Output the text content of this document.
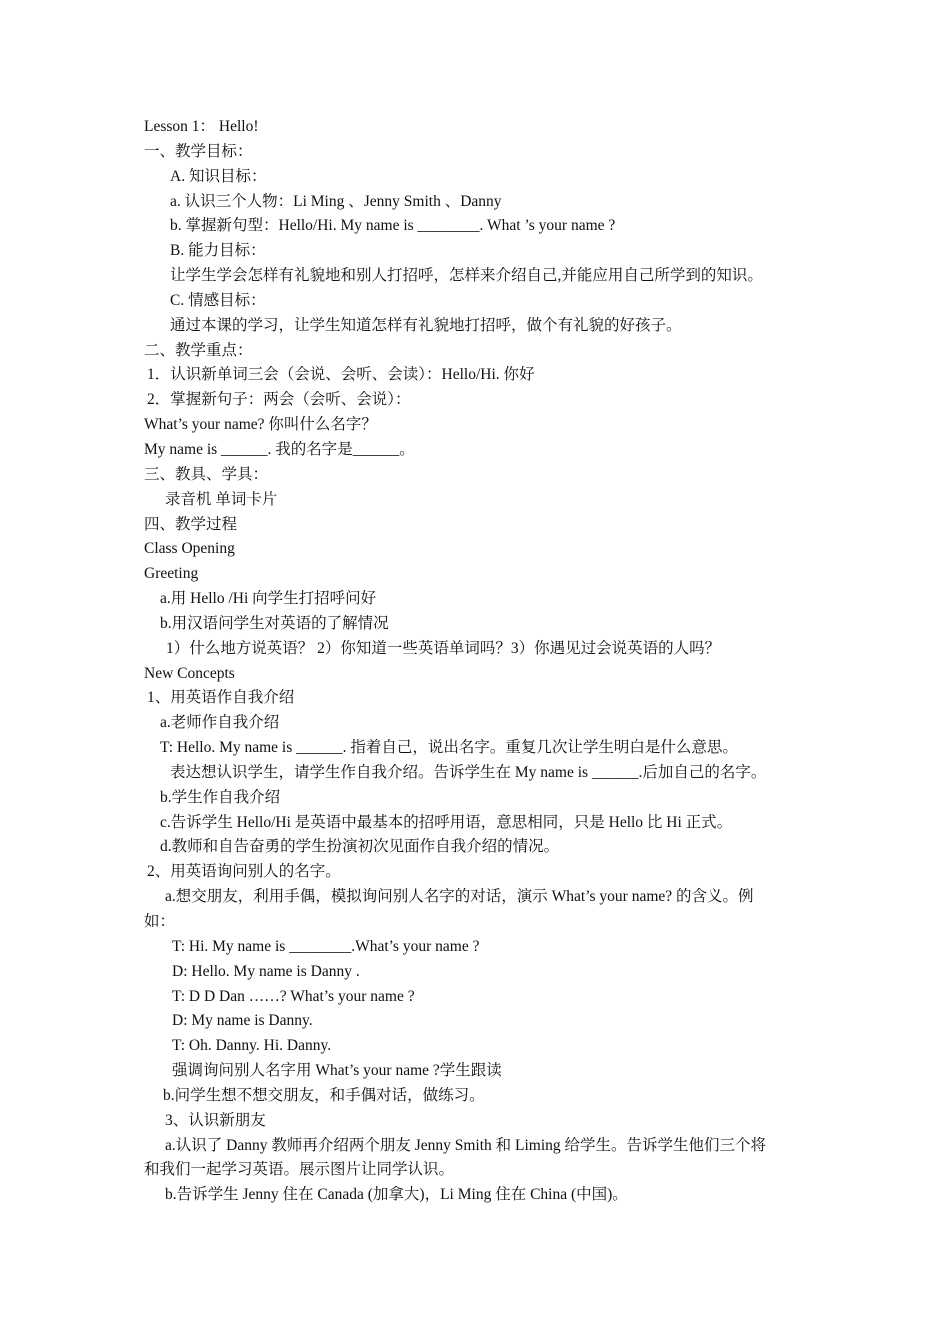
Lesson 1： Hello!
一、教学目标：
A. 知识目标：
a. 认识三个人物：Li Ming 、Jenny Smith 、Danny
b. 掌握新句型：Hello/Hi. My name is ________. What ’s your name ?
B. 能力目标：
让学生学会怎样有礼貌地和别人打招呼，怎样来介绍自己,并能应用自己所学到的知识。
C. 情感目标：
通过本课的学习，让学生知道怎样有礼貌地打招呼，做个有礼貌的好孩子。
二、教学重点：
1．认识新单词三会（会说、会听、会读）：Hello/Hi. 你好
2．掌握新句子：两会（会听、会说）：
What’s your name? 你叫什么名字？
My name is ______. 我的名字是______。
三、教具、学具：
录音机 单词卡片
四、教学过程
Class Opening
Greeting
a.用 Hello /Hi 向学生打招呼问好
b.用汉语问学生对英语的了解情况
1）什么地方说英语？ 2）你知道一些英语单词吗？3）你遇见过会说英语的人吗？
New Concepts
1、用英语作自我介绍
a.老师作自我介绍
T: Hello. My name is ______. 指着自己，说出名字。重复几次让学生明白是什么意思。
表达想认识学生，请学生作自我介绍。告诉学生在 My name is ______.后加自己的名字。
b.学生作自我介绍
c.告诉学生 Hello/Hi 是英语中最基本的招呼用语，意思相同，只是 Hello 比 Hi 正式。
d.教师和自告奋勇的学生扮演初次见面作自我介绍的情况。
2、用英语询问别人的名字。
a.想交朋友，利用手偶，模拟询问别人名字的对话，演示 What’s your name? 的含义。例
如：
T: Hi. My name is ________.What’s your name ?
D: Hello. My name is Danny .
T: D D Dan ……? What’s your name ?
D: My name is Danny.
T: Oh. Danny. Hi. Danny.
强调询问别人名字用 What’s your name ?学生跟读
b.问学生想不想交朋友，和手偶对话，做练习。
3、认识新朋友
a.认识了 Danny 教师再介绍两个朋友 Jenny Smith 和 Liming 给学生。告诉学生他们三个将
和我们一起学习英语。展示图片让同学认识。
b.告诉学生 Jenny 住在 Canada (加拿大)，Li Ming 住在 China (中国)。
